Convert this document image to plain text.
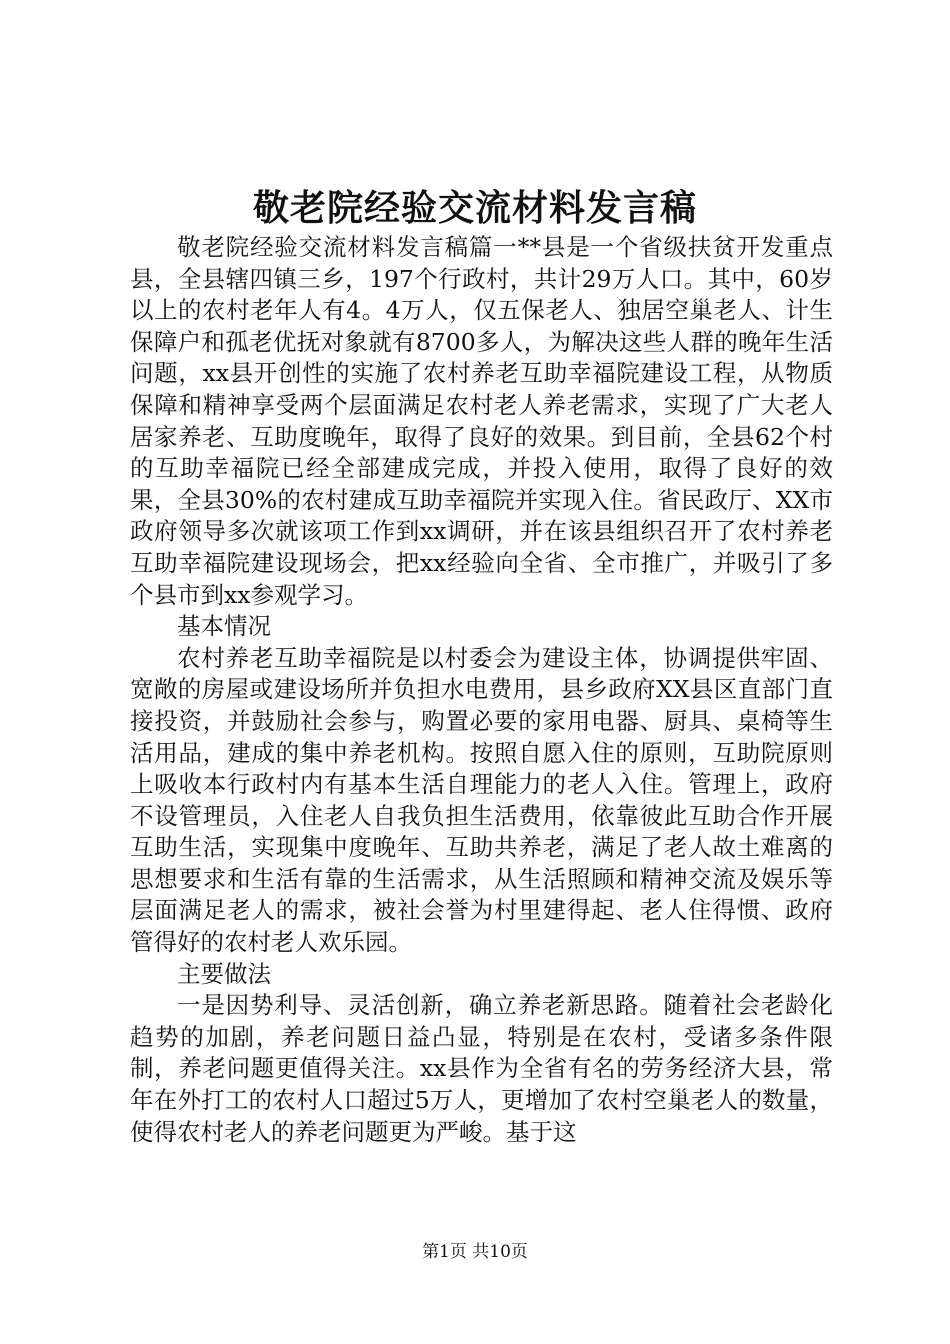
敬老院经验交流材料发言稿

敬老院经验交流材料发言稿篇一**县是一个省级扶贫开发重点县，全县辖四镇三乡，197个行政村，共计29万人口。其中，60岁以上的农村老年人有4。4万人，仅五保老人、独居空巢老人、计生保障户和孤老优抚对象就有8700多人，为解决这些人群的晚年生活问题，xx县开创性的实施了农村养老互助幸福院建设工程，从物质保障和精神享受两个层面满足农村老人养老需求，实现了广大老人居家养老、互助度晚年，取得了良好的效果。到目前，全县62个村的互助幸福院已经全部建成完成，并投入使用，取得了良好的效果，全县30%的农村建成互助幸福院并实现入住。省民政厅、XX市政府领导多次就该项工作到xx调研，并在该县组织召开了农村养老互助幸福院建设现场会，把xx经验向全省、全市推广，并吸引了多个县市到xx参观学习。

基本情况

农村养老互助幸福院是以村委会为建设主体，协调提供牢固、宽敞的房屋或建设场所并负担水电费用，县乡政府XX县区直部门直接投资，并鼓励社会参与，购置必要的家用电器、厨具、桌椅等生活用品，建成的集中养老机构。按照自愿入住的原则，互助院原则上吸收本行政村内有基本生活自理能力的老人入住。管理上，政府不设管理员，入住老人自我负担生活费用，依靠彼此互助合作开展互助生活，实现集中度晚年、互助共养老，满足了老人故土难离的思想要求和生活有靠的生活需求，从生活照顾和精神交流及娱乐等层面满足老人的需求，被社会誉为村里建得起、老人住得惯、政府管得好的农村老人欢乐园。

主要做法

一是因势利导、灵活创新，确立养老新思路。随着社会老龄化趋势的加剧，养老问题日益凸显，特别是在农村，受诸多条件限制，养老问题更值得关注。xx县作为全省有名的劳务经济大县，常年在外打工的农村人口超过5万人，更增加了农村空巢老人的数量，使得农村老人的养老问题更为严峻。基于这

第1页 共10页
